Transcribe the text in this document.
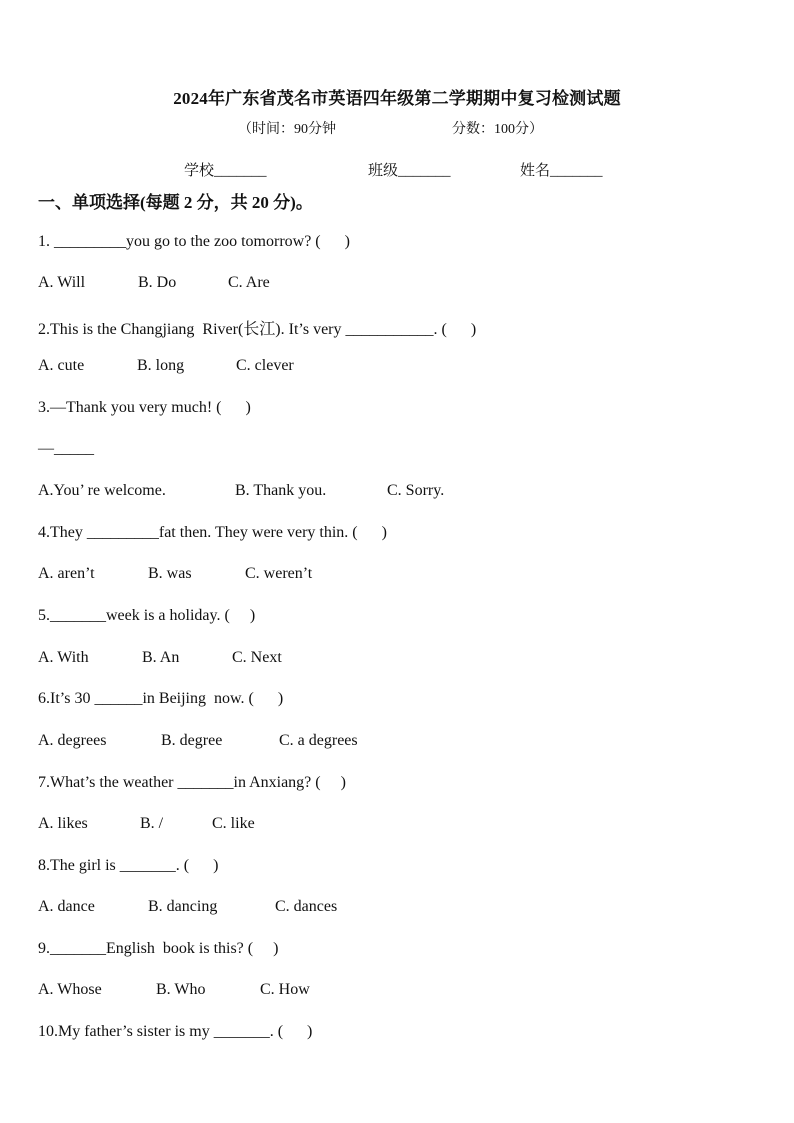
2024年广东省茂名市英语四年级第二学期期中复习检测试题
（时间：90分钟	分数：100分）
学校_______	班级_______	姓名_______
一、单项选择(每题 2 分，共 20 分)。
1. _________you go to the zoo tomorrow? (      )
A. Will	B. Do	C. Are
2.This is the Changjiang  River(长江). It’s very ___________. (      )
A. cute	B. long	C. clever
3.—Thank you very much! (      )
—_____
A.You’ re welcome.	B. Thank you.	C. Sorry.
4.They _________fat then. They were very thin. (      )
A. aren’t	B. was	C. weren’t
5._______week is a holiday. (     )
A. With	B. An	C. Next
6.It’s 30 ______in Beijing  now. (      )
A. degrees	B. degree	C. a degrees
7.What’s the weather _______in Anxiang? (     )
A. likes	B. /	C. like
8.The girl is _______. (      )
A. dance	B. dancing	C. dances
9._______English  book is this? (     )
A. Whose	B. Who	C. How
10.My father’s sister is my _______. (      )
